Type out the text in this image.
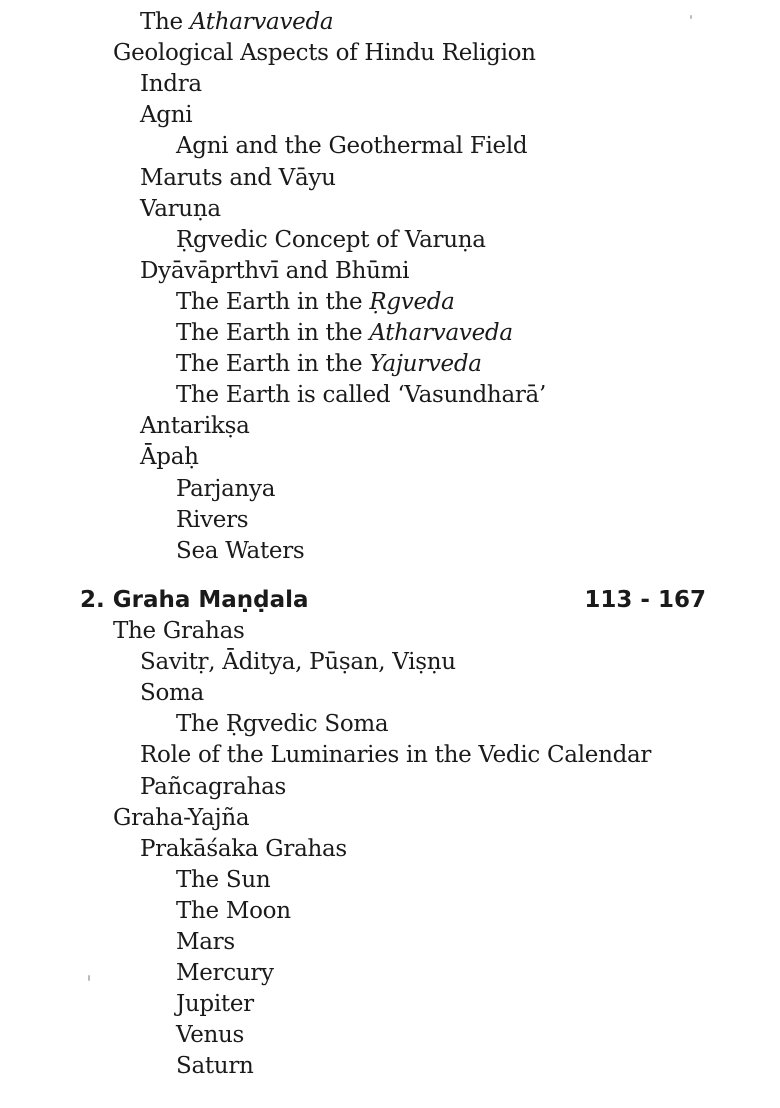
The Atharvaveda
Geological Aspects of Hindu Religion
Indra
Agni
Agni and the Geothermal Field
Maruts and Vāyu
Varuṇa
Ṛgvedic Concept of Varuṇa
Dyāvāprthvī and Bhūmi
The Earth in the Ṛgveda
The Earth in the Atharvaveda
The Earth in the Yajurveda
The Earth is called ‘Vasundharā’
Antarikṣa
Āpaḥ
Parjanya
Rivers
Sea Waters
2. Graha Maṇḍala	113 - 167
The Grahas
Savitṛ, Āditya, Pūṣan, Viṣṇu
Soma
The Ṛgvedic Soma
Role of the Luminaries in the Vedic Calendar
Pañcagrahas
Graha-Yajña
Prakāśaka Grahas
The Sun
The Moon
Mars
Mercury
Jupiter
Venus
Saturn
